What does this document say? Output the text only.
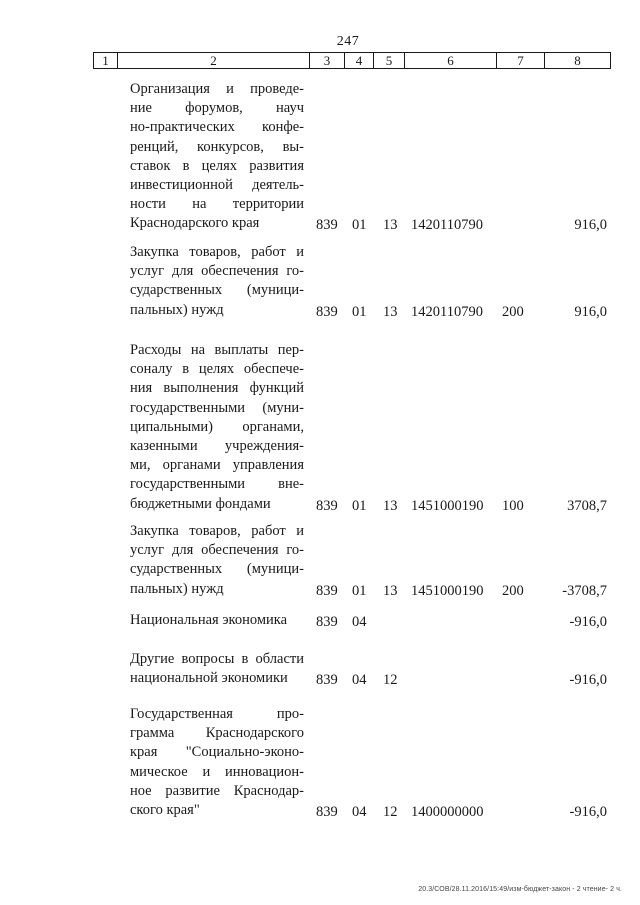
247
1	2	3	4	5	6	7	8
Организация и проведе-
ние форумов, науч
но-практических конфе-
ренций, конкурсов, вы-
ставок в целях развития
инвестиционной деятель-
ности на территории
Краснодарского края	839 01 13 1420110790	916,0
Закупка товаров, работ и
услуг для обеспечения го-
сударственных (муници-
пальных) нужд	839 01 13 1420110790 200	916,0
Расходы на выплаты пер-
соналу в целях обеспече-
ния выполнения функций
государственными (муни-
ципальными) органами,
казенными учреждения-
ми, органами управления
государственными вне-
бюджетными фондами	839 01 13 1451000190 100	3708,7
Закупка товаров, работ и
услуг для обеспечения го-
сударственных (муници-
пальных) нужд	839 01 13 1451000190 200	-3708,7
Национальная экономика	839 04	-916,0
Другие вопросы в области
национальной экономики	839 04 12	-916,0
Государственная про-
грамма Краснодарского
края "Социально-эконо-
мическое и инновацион-
ное развитие Краснодар-
ского края"	839 04 12 1400000000	-916,0
20.3/СОВ/28.11.2016/15:49/изм-бюджет-закон - 2 чтение- 2 ч.
